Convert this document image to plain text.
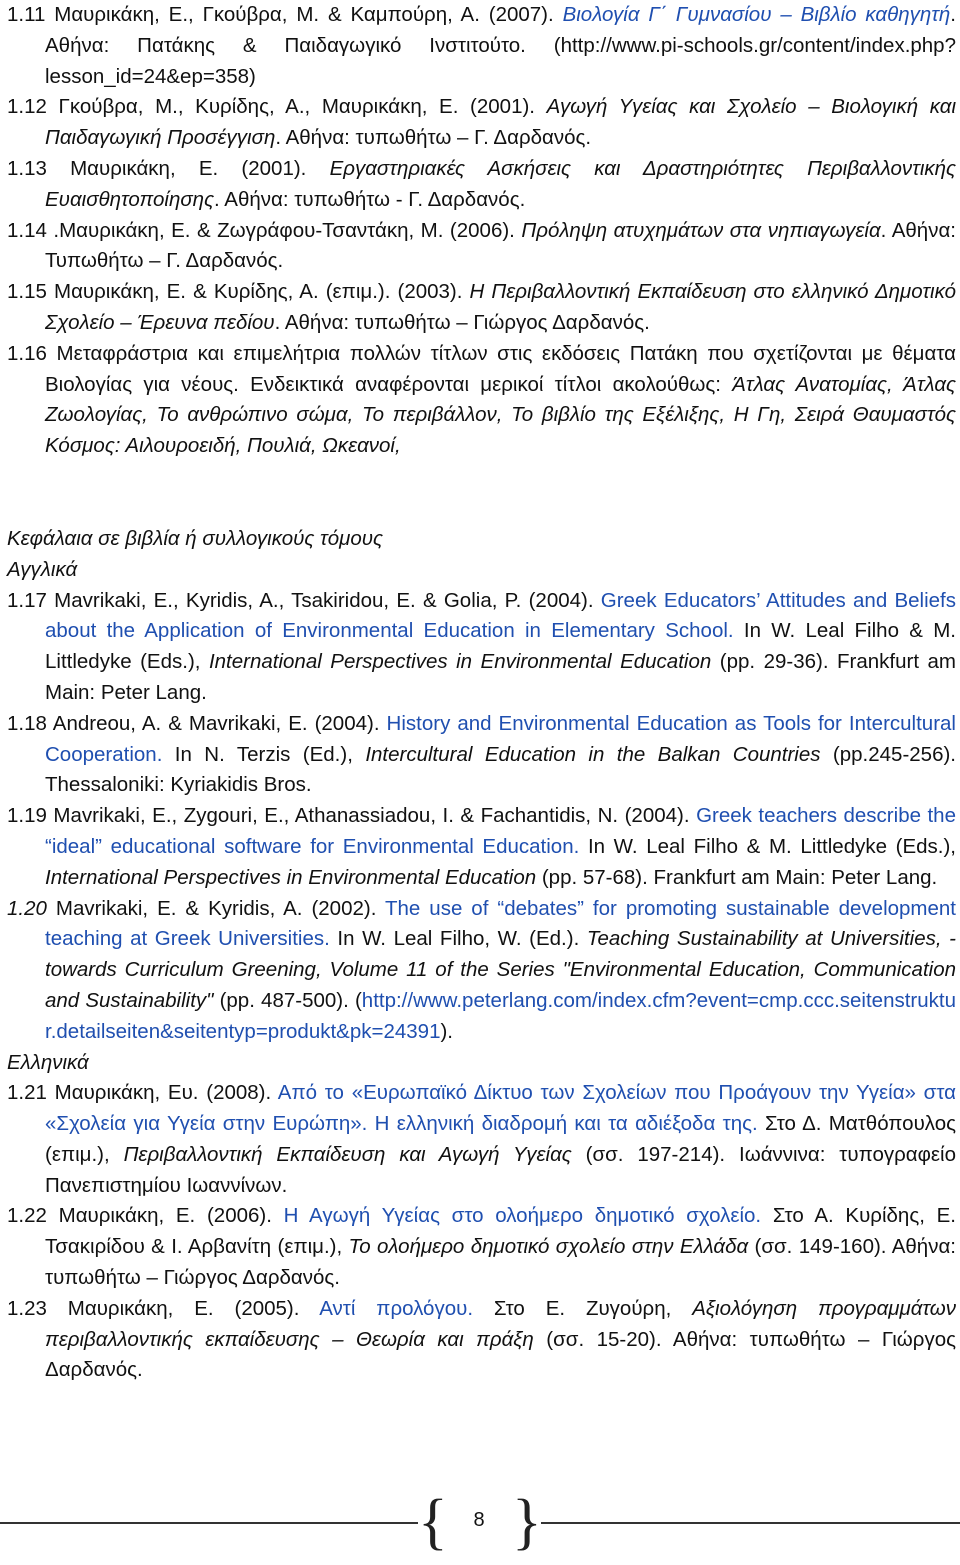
1.11 Μαυρικάκη, Ε., Γκούβρα, Μ. & Καμπούρη, Α. (2007). Βιολογία Γ΄ Γυμνασίου – Βιβλίο καθηγητή. Αθήνα: Πατάκης & Παιδαγωγικό Ινστιτούτο. (http://www.pi-schools.gr/content/index.php?lesson_id=24&ep=358)

1.12 Γκούβρα, Μ., Κυρίδης, Α., Μαυρικάκη, Ε. (2001). Αγωγή Υγείας και Σχολείο – Βιολογική και Παιδαγωγική Προσέγγιση. Αθήνα: τυπωθήτω – Γ. Δαρδανός.

1.13 Μαυρικάκη, Ε. (2001). Εργαστηριακές Ασκήσεις και Δραστηριότητες Περιβαλλοντικής Ευαισθητοποίησης. Αθήνα: τυπωθήτω - Γ. Δαρδανός.

1.14 .Μαυρικάκη, Ε. & Ζωγράφου-Τσαντάκη, Μ. (2006). Πρόληψη ατυχημάτων στα νηπιαγωγεία. Αθήνα: Τυπωθήτω – Γ. Δαρδανός.

1.15 Μαυρικάκη, Ε. & Κυρίδης, Α. (επιμ.). (2003). Η Περιβαλλοντική Εκπαίδευση στο ελληνικό Δημοτικό Σχολείο – Έρευνα πεδίου. Αθήνα: τυπωθήτω – Γιώργος Δαρδανός.

1.16 Μεταφράστρια και επιμελήτρια πολλών τίτλων στις εκδόσεις Πατάκη που σχετίζονται με θέματα Βιολογίας για νέους. Ενδεικτικά αναφέρονται μερικοί τίτλοι ακολούθως: Άτλας Ανατομίας, Άτλας Ζωολογίας, Το ανθρώπινο σώμα, Το περιβάλλον, Το βιβλίο της Εξέλιξης, Η Γη, Σειρά Θαυμαστός Κόσμος: Αιλουροειδή, Πουλιά, Ωκεανοί,

Κεφάλαια σε βιβλία ή συλλογικούς τόμους

Αγγλικά

1.17 Mavrikaki, E., Kyridis, A., Tsakiridou, E. & Golia, P. (2004). Greek Educators’ Attitudes and Beliefs about the Application of Environmental Education in Elementary School. In W. Leal Filho & M. Littledyke (Eds.), International Perspectives in Environmental Education (pp. 29-36). Frankfurt am Main: Peter Lang.

1.18 Andreou, A. & Mavrikaki, E. (2004). History and Environmental Education as Tools for Intercultural Cooperation. In N. Terzis (Ed.), Intercultural Education in the Balkan Countries (pp.245-256). Thessaloniki: Kyriakidis Bros.

1.19 Mavrikaki, E., Zygouri, E., Athanassiadou, I. & Fachantidis, N. (2004). Greek teachers describe the “ideal” educational software for Environmental Education. In W. Leal Filho & M. Littledyke (Eds.), International Perspectives in Environmental Education (pp. 57-68). Frankfurt am Main: Peter Lang.

1.20 Mavrikaki, E. & Kyridis, A. (2002). The use of “debates” for promoting sustainable development teaching at Greek Universities. In W. Leal Filho, W. (Ed.). Teaching Sustainability at Universities, - towards Curriculum Greening, Volume 11 of the Series "Environmental Education, Communication and Sustainability" (pp. 487-500). (http://www.peterlang.com/index.cfm?event=cmp.ccc.seitenstruktur.detailseiten&seitentyp=produkt&pk=24391).

Ελληνικά

1.21 Μαυρικάκη, Ευ. (2008). Από το «Ευρωπαϊκό Δίκτυο των Σχολείων που Προάγουν την Υγεία» στα «Σχολεία για Υγεία στην Ευρώπη». Η ελληνική διαδρομή και τα αδιέξοδα της. Στο Δ. Ματθόπουλος (επιμ.), Περιβαλλοντική Εκπαίδευση και Αγωγή Υγείας (σσ. 197-214). Ιωάννινα: τυπογραφείο Πανεπιστημίου Ιωαννίνων.

1.22 Μαυρικάκη, Ε. (2006). Η Αγωγή Υγείας στο ολοήμερο δημοτικό σχολείο. Στο Α. Κυρίδης, Ε. Τσακιρίδου & Ι. Αρβανίτη (επιμ.), Το ολοήμερο δημοτικό σχολείο στην Ελλάδα (σσ. 149-160). Αθήνα: τυπωθήτω – Γιώργος Δαρδανός.

1.23 Μαυρικάκη, Ε. (2005). Αντί προλόγου. Στο Ε. Ζυγούρη, Αξιολόγηση προγραμμάτων περιβαλλοντικής εκπαίδευσης – Θεωρία και πράξη (σσ. 15-20). Αθήνα: τυπωθήτω – Γιώργος Δαρδανός.

{ }
8
